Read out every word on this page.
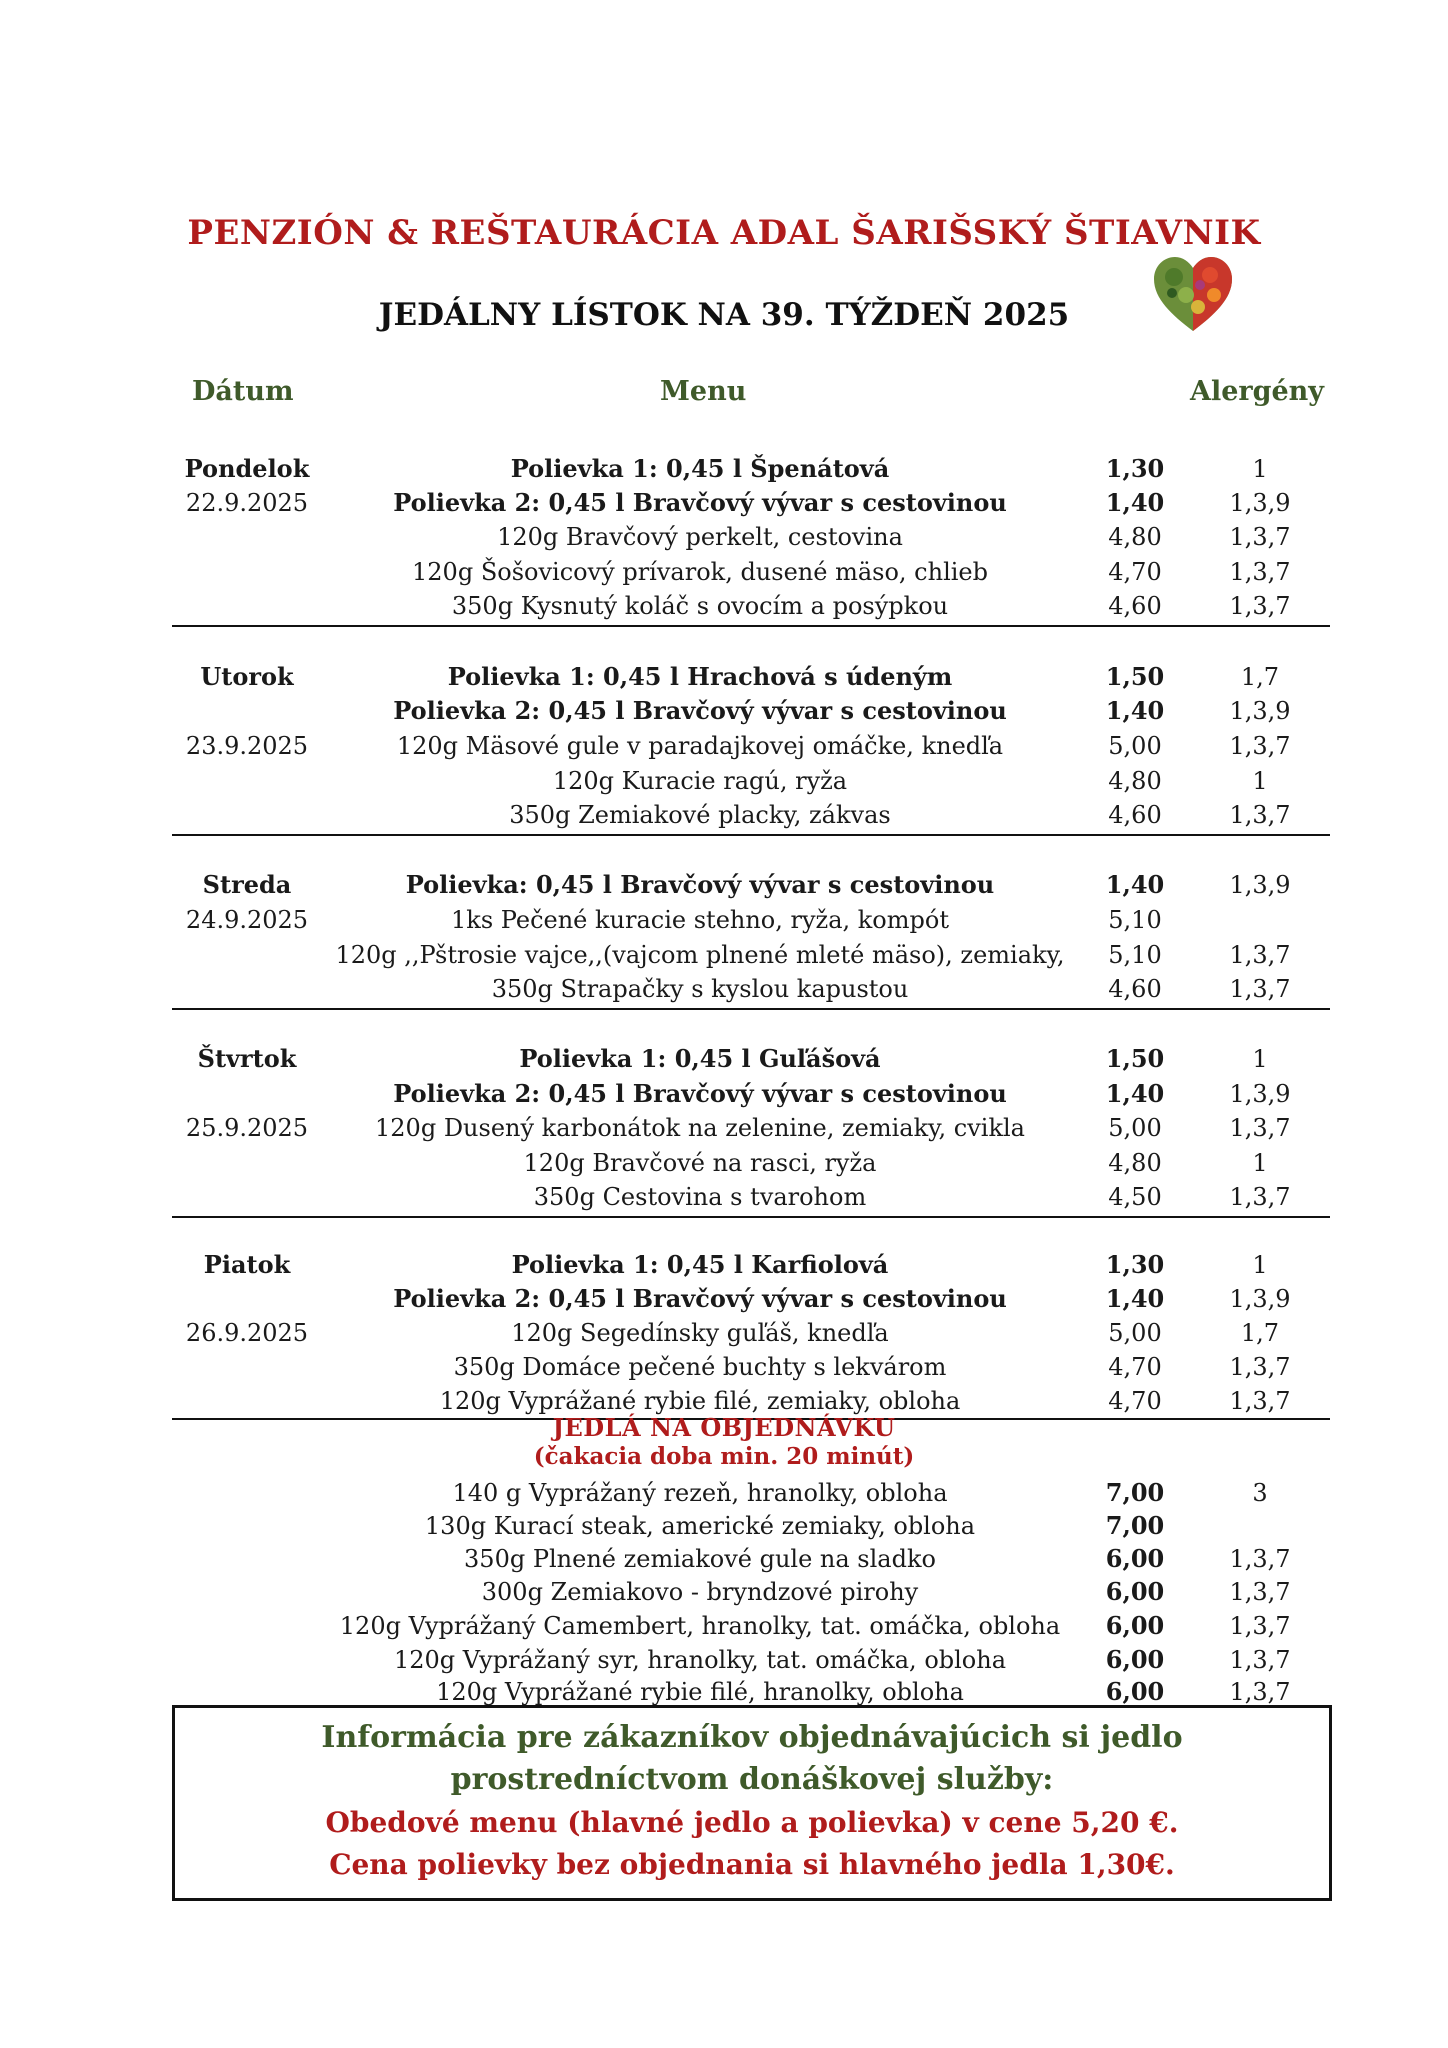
PENZIÓN & REŠTAURÁCIA ADAL ŠARIŠSKÝ ŠTIAVNIK
JEDÁLNY LÍSTOK NA 39. TÝŽDEŇ 2025
Dátum	Menu	Alergény
Pondelok	Polievka 1: 0,45 l Špenátová	1,30	1
22.9.2025	Polievka 2: 0,45 l Bravčový vývar s cestovinou	1,40	1,3,9
120g Bravčový perkelt, cestovina	4,80	1,3,7
120g Šošovicový prívarok, dusené mäso, chlieb	4,70	1,3,7
350g Kysnutý koláč s ovocím a posýpkou	4,60	1,3,7
Utorok	Polievka 1: 0,45 l Hrachová s údeným	1,50	1,7
Polievka 2: 0,45 l Bravčový vývar s cestovinou	1,40	1,3,9
23.9.2025	120g Mäsové gule v paradajkovej omáčke, knedľa	5,00	1,3,7
120g Kuracie ragú, ryža	4,80	1
350g Zemiakové placky, zákvas	4,60	1,3,7
Streda	Polievka: 0,45 l Bravčový vývar s cestovinou	1,40	1,3,9
24.9.2025	1ks Pečené kuracie stehno, ryža, kompót	5,10
120g ,,Pštrosie vajce,,(vajcom plnené mleté mäso), zemiaky,	5,10	1,3,7
350g Strapačky s kyslou kapustou	4,60	1,3,7
Štvrtok	Polievka 1: 0,45 l Guľášová	1,50	1
Polievka 2: 0,45 l Bravčový vývar s cestovinou	1,40	1,3,9
25.9.2025	120g Dusený karbonátok na zelenine, zemiaky, cvikla	5,00	1,3,7
120g Bravčové na rasci, ryža	4,80	1
350g Cestovina s tvarohom	4,50	1,3,7
Piatok	Polievka 1: 0,45 l Karfiolová	1,30	1
Polievka 2: 0,45 l Bravčový vývar s cestovinou	1,40	1,3,9
26.9.2025	120g Segedínsky guľáš, knedľa	5,00	1,7
350g Domáce pečené buchty s lekvárom	4,70	1,3,7
120g Vyprážané rybie filé, zemiaky, obloha	4,70	1,3,7
JEDLÁ NA OBJEDNÁVKU
(čakacia doba min. 20 minút)
140 g Vyprážaný rezeň, hranolky, obloha	7,00	3
130g Kurací steak, americké zemiaky, obloha	7,00
350g Plnené zemiakové gule na sladko	6,00	1,3,7
300g Zemiakovo - bryndzové pirohy	6,00	1,3,7
120g Vyprážaný Camembert, hranolky, tat. omáčka, obloha	6,00	1,3,7
120g Vyprážaný syr, hranolky, tat. omáčka, obloha	6,00	1,3,7
120g Vyprážané rybie filé, hranolky, obloha	6,00	1,3,7
Informácia pre zákazníkov objednávajúcich si jedlo
prostredníctvom donáškovej služby:
Obedové menu (hlavné jedlo a polievka) v cene 5,20 €.
Cena polievky bez objednania si hlavného jedla 1,30€.
